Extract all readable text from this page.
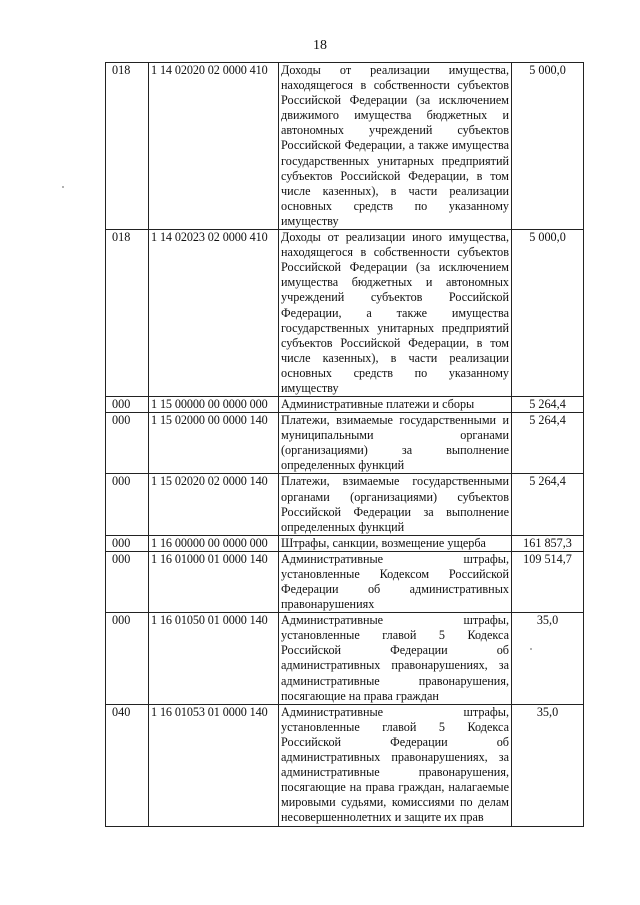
18
018	1 14 02020 02 0000 410	Доходы от реализации имущества, находящегося в собственности субъектов Российской Федерации (за исключением движимого имущества бюджетных и автономных учреждений субъектов Российской Федерации, а также имущества государственных унитарных предприятий субъектов Российской Федерации, в том числе казенных), в части реализации основных средств по указанному имуществу	5 000,0
018	1 14 02023 02 0000 410	Доходы от реализации иного имущества, находящегося в собственности субъектов Российской Федерации (за исключением имущества бюджетных и автономных учреждений субъектов Российской Федерации, а также имущества государственных унитарных предприятий субъектов Российской Федерации, в том числе казенных), в части реализации основных средств по указанному имуществу	5 000,0
000	1 15 00000 00 0000 000	Административные платежи и сборы	5 264,4
000	1 15 02000 00 0000 140	Платежи, взимаемые государственными и муниципальными органами (организациями) за выполнение определенных функций	5 264,4
000	1 15 02020 02 0000 140	Платежи, взимаемые государственными органами (организациями) субъектов Российской Федерации за выполнение определенных функций	5 264,4
000	1 16 00000 00 0000 000	Штрафы, санкции, возмещение ущерба	161 857,3
000	1 16 01000 01 0000 140	Административные штрафы, установленные Кодексом Российской Федерации об административных правонарушениях	109 514,7
000	1 16 01050 01 0000 140	Административные штрафы, установленные главой 5 Кодекса Российской Федерации об административных правонарушениях, за административные правонарушения, посягающие на права граждан	35,0
040	1 16 01053 01 0000 140	Административные штрафы, установленные главой 5 Кодекса Российской Федерации об административных правонарушениях, за административные правонарушения, посягающие на права граждан, налагаемые мировыми судьями, комиссиями по делам несовершеннолетних и защите их прав	35,0
